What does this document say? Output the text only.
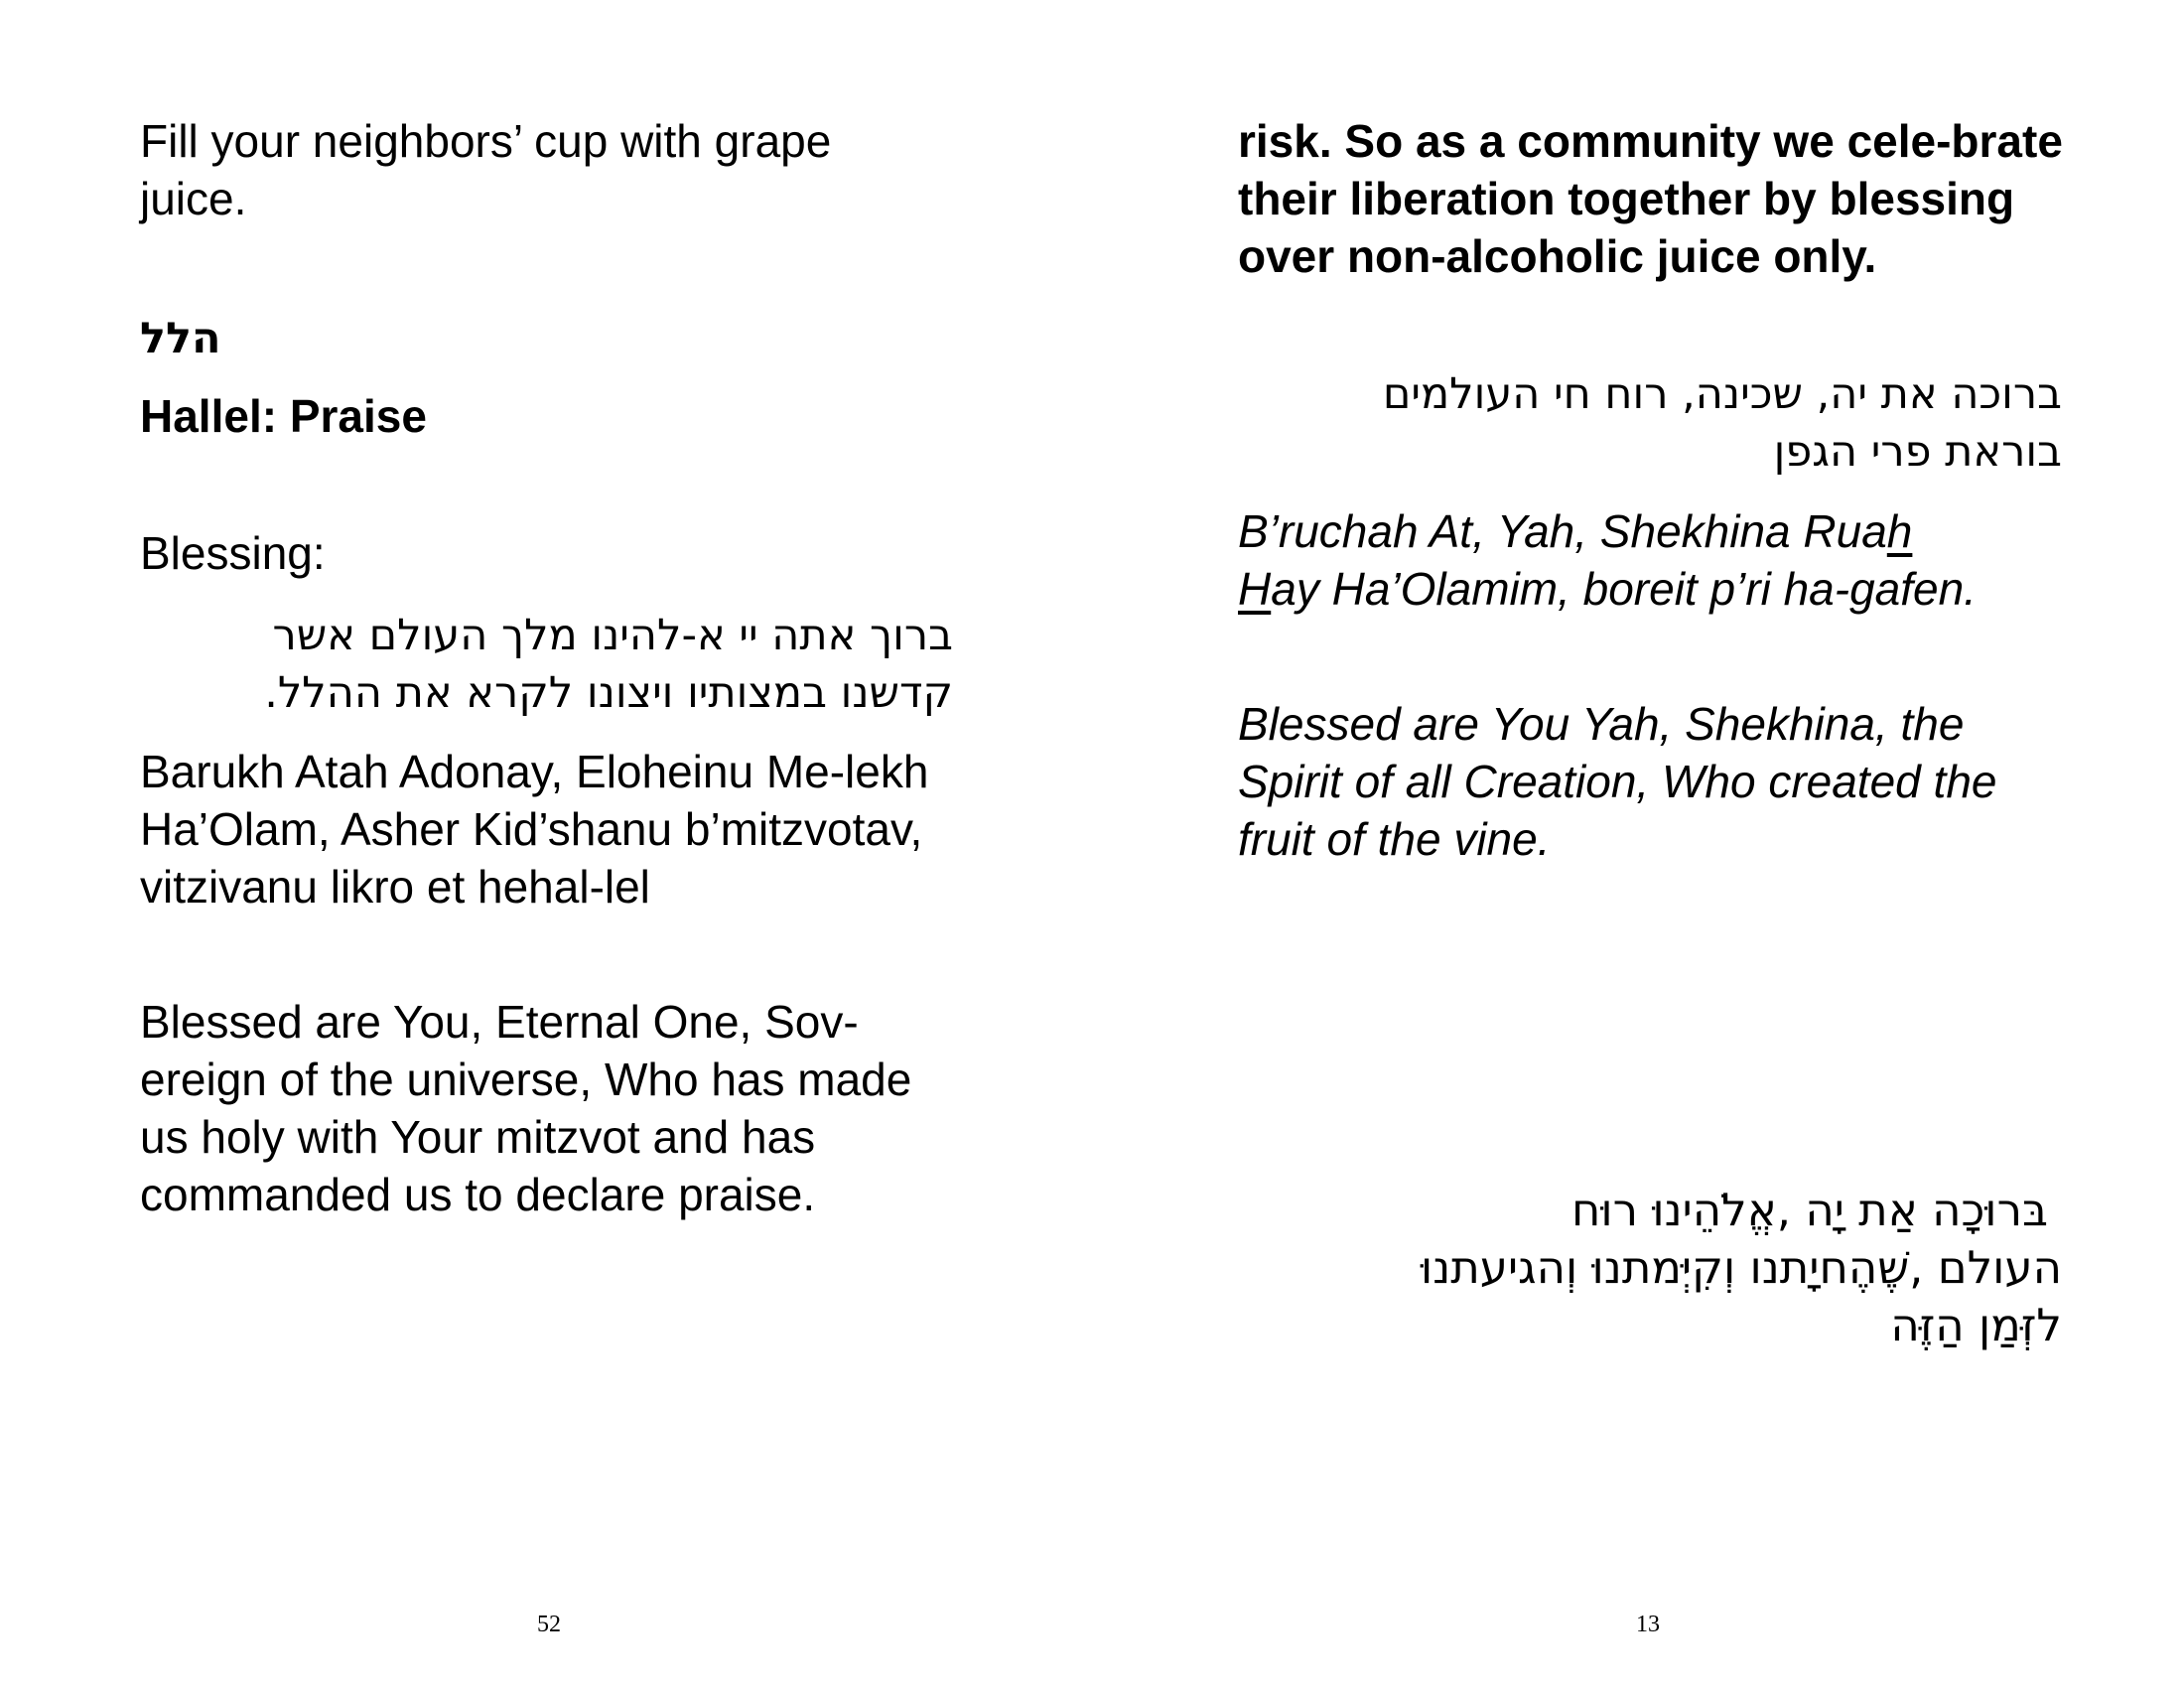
Fill your neighbors’ cup with grape juice.

הלל

Hallel: Praise

Blessing:

ברוך אתה יי א-להינו מלך העולם אשר
קדשנו במצותיו ויצונו לקרא את ההלל.

Barukh Atah Adonay, Eloheinu Me-lekh Ha’Olam, Asher Kid’shanu b’mitzvotav, vitzivanu likro et hehal-lel

Blessed are You, Eternal One, Sov-ereign of the universe, Who has made us holy with Your mitzvot and has commanded us to declare praise.

52

risk. So as a community we cele-brate their liberation together by blessing over non-alcoholic juice only.

ברוכה את יה, שכינה, רוח חי העולמים
בוראת פרי הגפן

B’ruchah At, Yah, Shekhina Ruah
Hay Ha’Olamim, boreit p’ri ha-gafen.

Blessed are You Yah, Shekhina, the Spirit of all Creation, Who created the fruit of the vine.

בּרוּכָה אַת יָה ,אֱלֹהֵינוּ רוּח
העולם ,שֶׁהֶחיָתנו וְקִיְּמתנוּ וְהגיעתנוּ
לזְּמַן הַזֶּה

13
